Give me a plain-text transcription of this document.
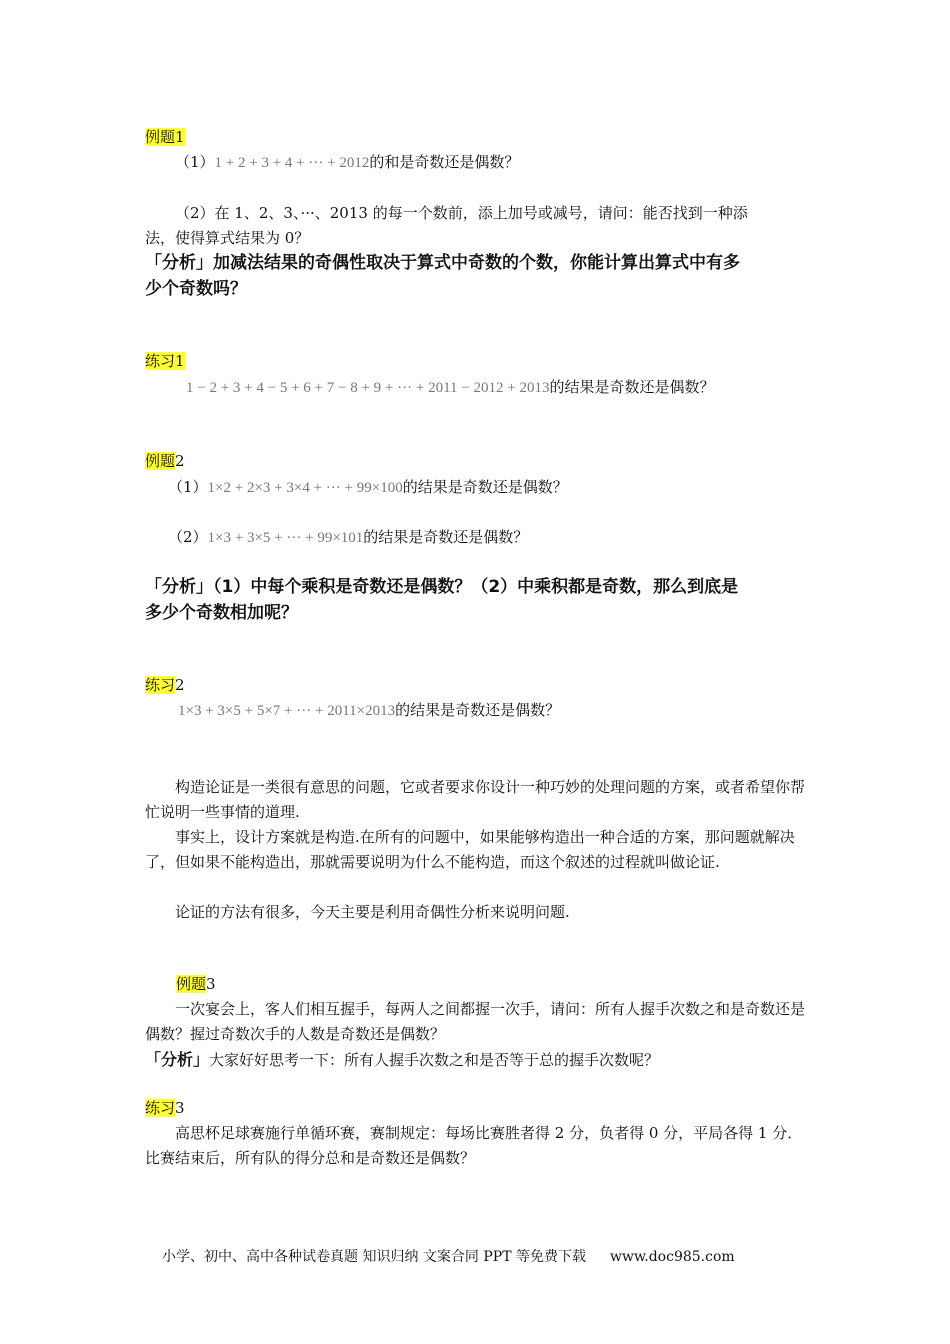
例题1
（1）1 + 2 + 3 + 4 + ··· + 2012的和是奇数还是偶数？
（2）在 1、2、3、···、2013 的每一个数前，添上加号或减号，请问：能否找到一种添
法，使得算式结果为 0？
「分析」加减法结果的奇偶性取决于算式中奇数的个数，你能计算出算式中有多
少个奇数吗？
练习1
1 − 2 + 3 + 4 − 5 + 6 + 7 − 8 + 9 + ··· + 2011 − 2012 + 2013的结果是奇数还是偶数？
例题2
（1）1×2 + 2×3 + 3×4 + ··· + 99×100的结果是奇数还是偶数？
（2）1×3 + 3×5 + ··· + 99×101的结果是奇数还是偶数？
「分析」（1）中每个乘积是奇数还是偶数？（2）中乘积都是奇数，那么到底是
多少个奇数相加呢？
练习2
1×3 + 3×5 + 5×7 + ··· + 2011×2013的结果是奇数还是偶数？
构造论证是一类很有意思的问题，它或者要求你设计一种巧妙的处理问题的方案，或者希望你帮忙说明一些事情的道理.
事实上，设计方案就是构造.在所有的问题中，如果能够构造出一种合适的方案，那问题就解决了，但如果不能构造出，那就需要说明为什么不能构造，而这个叙述的过程就叫做论证.
论证的方法有很多，今天主要是利用奇偶性分析来说明问题.
例题3
一次宴会上，客人们相互握手，每两人之间都握一次手，请问：所有人握手次数之和是奇数还是偶数？握过奇数次手的人数是奇数还是偶数？
「分析」大家好好思考一下：所有人握手次数之和是否等于总的握手次数呢？
练习3
高思杯足球赛施行单循环赛，赛制规定：每场比赛胜者得 2 分，负者得 0 分，平局各得 1 分．比赛结束后，所有队的得分总和是奇数还是偶数？
小学、初中、高中各种试卷真题 知识归纳 文案合同 PPT 等免费下载 www.doc985.com
